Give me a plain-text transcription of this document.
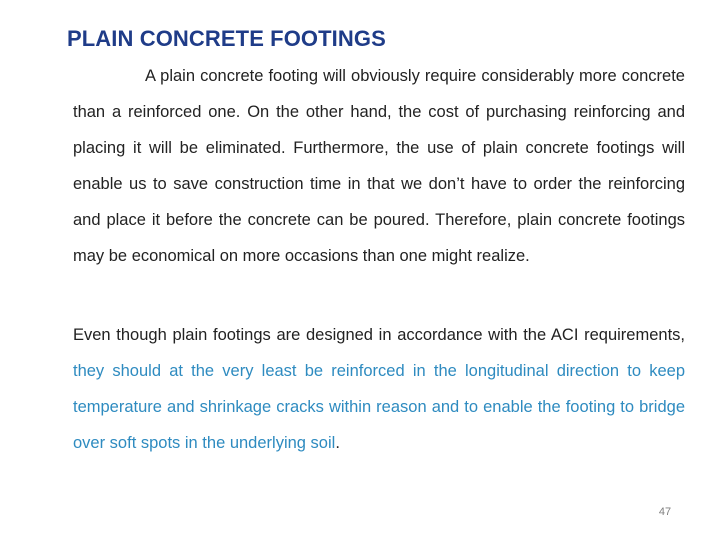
PLAIN CONCRETE FOOTINGS

A plain concrete footing will obviously require considerably more concrete than a reinforced one. On the other hand, the cost of purchasing reinforcing and placing it will be eliminated. Furthermore, the use of plain concrete footings will enable us to save construction time in that we don’t have to order the reinforcing and place it before the concrete can be poured. Therefore, plain concrete footings may be economical on more occasions than one might realize.

Even though plain footings are designed in accordance with the ACI requirements, they should at the very least be reinforced in the longitudinal direction to keep temperature and shrinkage cracks within reason and to enable the footing to bridge over soft spots in the underlying soil.

47
